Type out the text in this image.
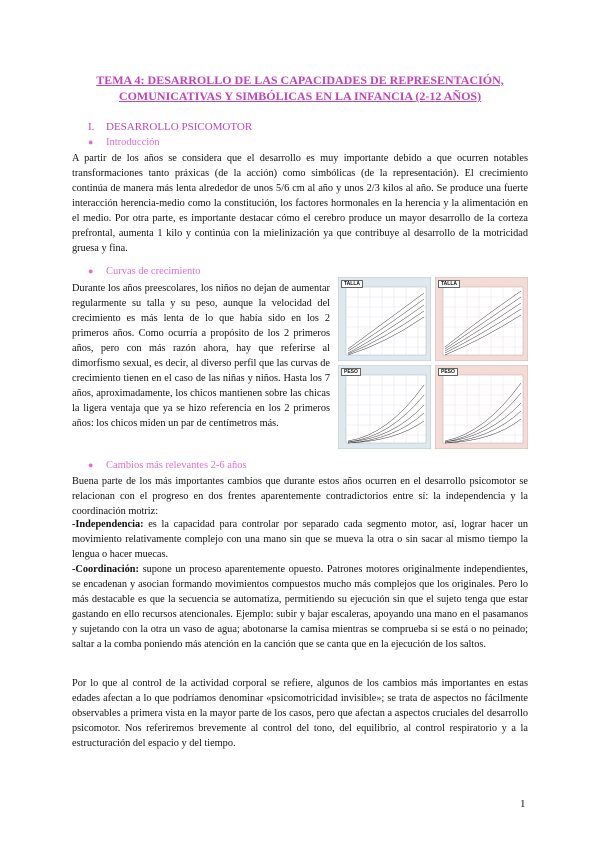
TEMA 4: DESARROLLO DE LAS CAPACIDADES DE REPRESENTACIÓN,
COMUNICATIVAS Y SIMBÓLICAS EN LA INFANCIA (2-12 AÑOS)
I. DESARROLLO PSICOMOTOR
● Introducción

A partir de los años se considera que el desarrollo es muy importante debido a que ocurren notables transformaciones tanto práxicas (de la acción) como simbólicas (de la representación). El crecimiento continúa de manera más lenta alrededor de unos 5/6 cm al año y unos 2/3 kilos al año. Se produce una fuerte interacción herencia-medio como la constitución, los factores hormonales en la herencia y la alimentación en el medio. Por otra parte, es importante destacar cómo el cerebro produce un mayor desarrollo de la corteza prefrontal, aumenta 1 kilo y continúa con la mielinización ya que contribuye al desarrollo de la motricidad gruesa y fina.

● Curvas de crecimiento

Durante los años preescolares, los niños no dejan de aumentar regularmente su talla y su peso, aunque la velocidad del crecimiento es más lenta de lo que había sido en los 2 primeros años. Como ocurría a propósito de los 2 primeros años, pero con más razón ahora, hay que referirse al dimorfismo sexual, es decir, al diverso perfil que las curvas de crecimiento tienen en el caso de las niñas y niños. Hasta los 7 años, aproximadamente, los chicos mantienen sobre las chicas la ligera ventaja que ya se hizo referencia en los 2 primeros años: los chicos miden un par de centímetros más.

TALLA	TALLA
PESO	PESO
● Cambios más relevantes 2-6 años

Buena parte de los más importantes cambios que durante estos años ocurren en el desarrollo psicomotor se relacionan con el progreso en dos frentes aparentemente contradictorios entre sí: la independencia y la coordinación motriz:

-Independencia: es la capacidad para controlar por separado cada segmento motor, así, lograr hacer un movimiento relativamente complejo con una mano sin que se mueva la otra o sin sacar al mismo tiempo la lengua o hacer muecas.

-Coordinación: supone un proceso aparentemente opuesto. Patrones motores originalmente independientes, se encadenan y asocian formando movimientos compuestos mucho más complejos que los originales. Pero lo más destacable es que la secuencia se automatiza, permitiendo su ejecución sin que el sujeto tenga que estar gastando en ello recursos atencionales. Ejemplo: subir y bajar escaleras, apoyando una mano en el pasamanos y sujetando con la otra un vaso de agua; abotonarse la camisa mientras se comprueba si se está o no peinado; saltar a la comba poniendo más atención en la canción que se canta que en la ejecución de los saltos.

Por lo que al control de la actividad corporal se refiere, algunos de los cambios más importantes en estas edades afectan a lo que podríamos denominar «psicomotricidad invisible»; se trata de aspectos no fácilmente observables a primera vista en la mayor parte de los casos, pero que afectan a aspectos cruciales del desarrollo psicomotor. Nos referiremos brevemente al control del tono, del equilibrio, al control respiratorio y a la estructuración del espacio y del tiempo.

1
